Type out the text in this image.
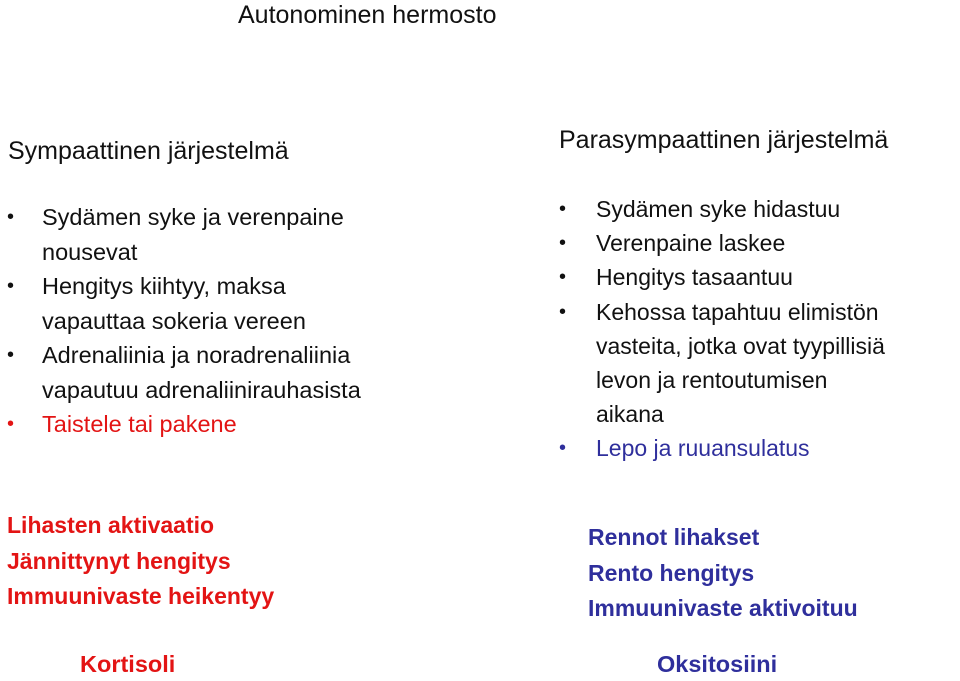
Autonominen hermosto
Sympaattinen järjestelmä
• Sydämen syke ja verenpaine
nousevat
• Hengitys kiihtyy, maksa
vapauttaa sokeria vereen
• Adrenaliinia ja noradrenaliinia
vapautuu adrenaliinirauhasista
• Taistele tai pakene
Parasympaattinen järjestelmä
• Sydämen syke hidastuu
• Verenpaine laskee
• Hengitys tasaantuu
• Kehossa tapahtuu elimistön
vasteita, jotka ovat tyypillisiä
levon ja rentoutumisen
aikana
• Lepo ja ruuansulatus
Lihasten aktivaatio
Jännittynyt hengitys
Immuunivaste heikentyy
Rennot lihakset
Rento hengitys
Immuunivaste aktivoituu
Kortisoli	Oksitosiini
